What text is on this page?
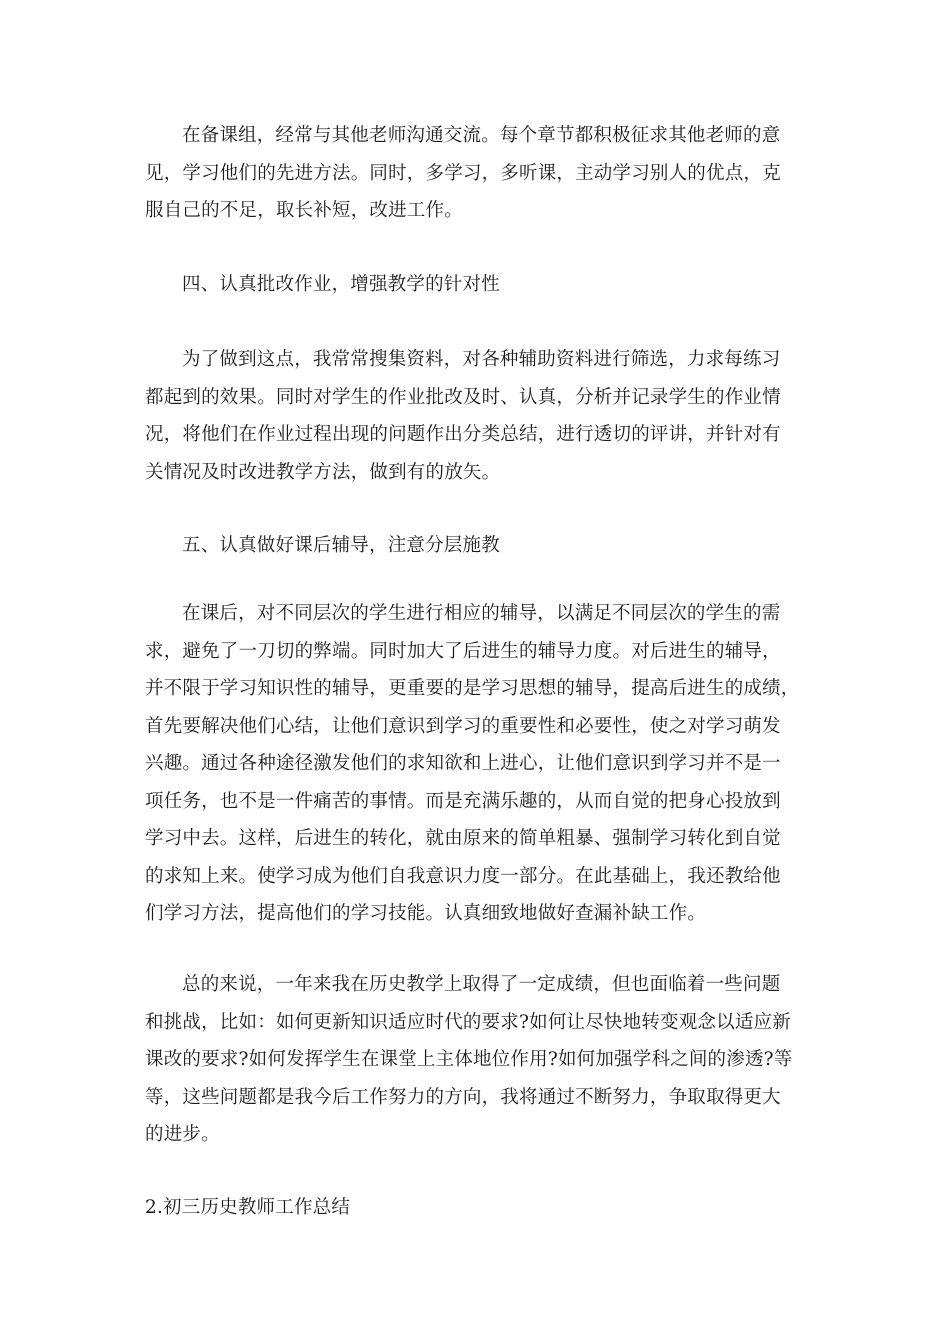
在备课组，经常与其他老师沟通交流。每个章节都积极征求其他老师的意
见，学习他们的先进方法。同时，多学习，多听课，主动学习别人的优点，克
服自己的不足，取长补短，改进工作。
四、认真批改作业，增强教学的针对性
为了做到这点，我常常搜集资料，对各种辅助资料进行筛选，力求每练习
都起到的效果。同时对学生的作业批改及时、认真，分析并记录学生的作业情
况，将他们在作业过程出现的问题作出分类总结，进行透切的评讲，并针对有
关情况及时改进教学方法，做到有的放矢。
五、认真做好课后辅导，注意分层施教
在课后，对不同层次的学生进行相应的辅导，以满足不同层次的学生的需
求，避免了一刀切的弊端。同时加大了后进生的辅导力度。对后进生的辅导，
并不限于学习知识性的辅导，更重要的是学习思想的辅导，提高后进生的成绩，
首先要解决他们心结，让他们意识到学习的重要性和必要性，使之对学习萌发
兴趣。通过各种途径激发他们的求知欲和上进心，让他们意识到学习并不是一
项任务，也不是一件痛苦的事情。而是充满乐趣的，从而自觉的把身心投放到
学习中去。这样，后进生的转化，就由原来的简单粗暴、强制学习转化到自觉
的求知上来。使学习成为他们自我意识力度一部分。在此基础上，我还教给他
们学习方法，提高他们的学习技能。认真细致地做好查漏补缺工作。
总的来说，一年来我在历史教学上取得了一定成绩，但也面临着一些问题
和挑战，比如：如何更新知识适应时代的要求?如何让尽快地转变观念以适应新
课改的要求?如何发挥学生在课堂上主体地位作用?如何加强学科之间的渗透?等
等，这些问题都是我今后工作努力的方向，我将通过不断努力，争取取得更大
的进步。
2.初三历史教师工作总结
